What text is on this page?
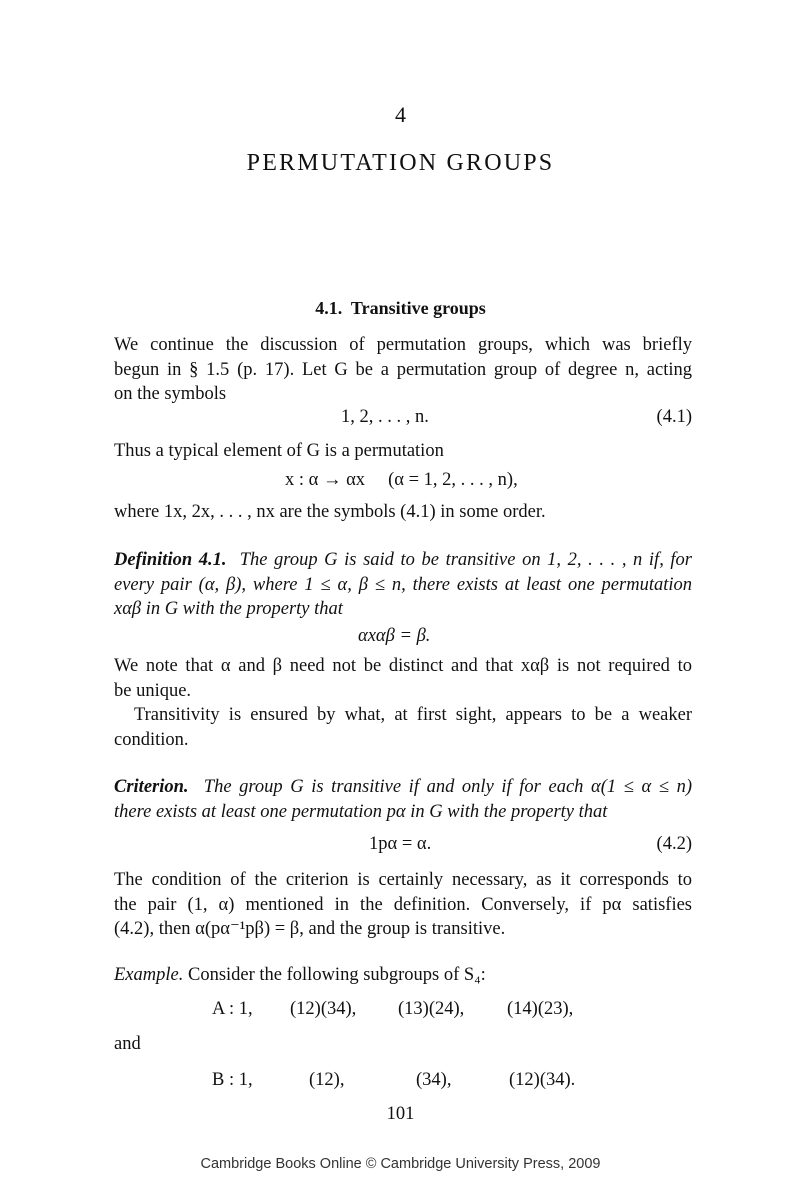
4
PERMUTATION GROUPS
4.1. Transitive groups
We continue the discussion of permutation groups, which was briefly
begun in § 1.5 (p. 17). Let G be a permutation group of degree n, acting
on the symbols
1, 2, . . . , n.	(4.1)
Thus a typical element of G is a permutation
x : α → αx     (α = 1, 2, . . . , n),
where 1x, 2x, . . . , nx are the symbols (4.1) in some order.
Definition 4.1. The group G is said to be transitive on 1, 2, . . . , n if, for
every pair (α, β), where 1 ≤ α, β ≤ n, there exists at least one permutation
xαβ in G with the property that
αxαβ = β.
We note that α and β need not be distinct and that xαβ is not required to
be unique.
Transitivity is ensured by what, at first sight, appears to be a weaker
condition.
Criterion. The group G is transitive if and only if for each α(1 ≤ α ≤ n)
there exists at least one permutation pα in G with the property that
1pα = α.	(4.2)
The condition of the criterion is certainly necessary, as it corresponds to
the pair (1, α) mentioned in the definition. Conversely, if pα satisfies
(4.2), then α(pα⁻¹pβ) = β, and the group is transitive.
Example. Consider the following subgroups of S₄:
A : 1, (12)(34), (13)(24), (14)(23),
and
B : 1,	(12),	(34),	(12)(34).
101
Cambridge Books Online © Cambridge University Press, 2009
